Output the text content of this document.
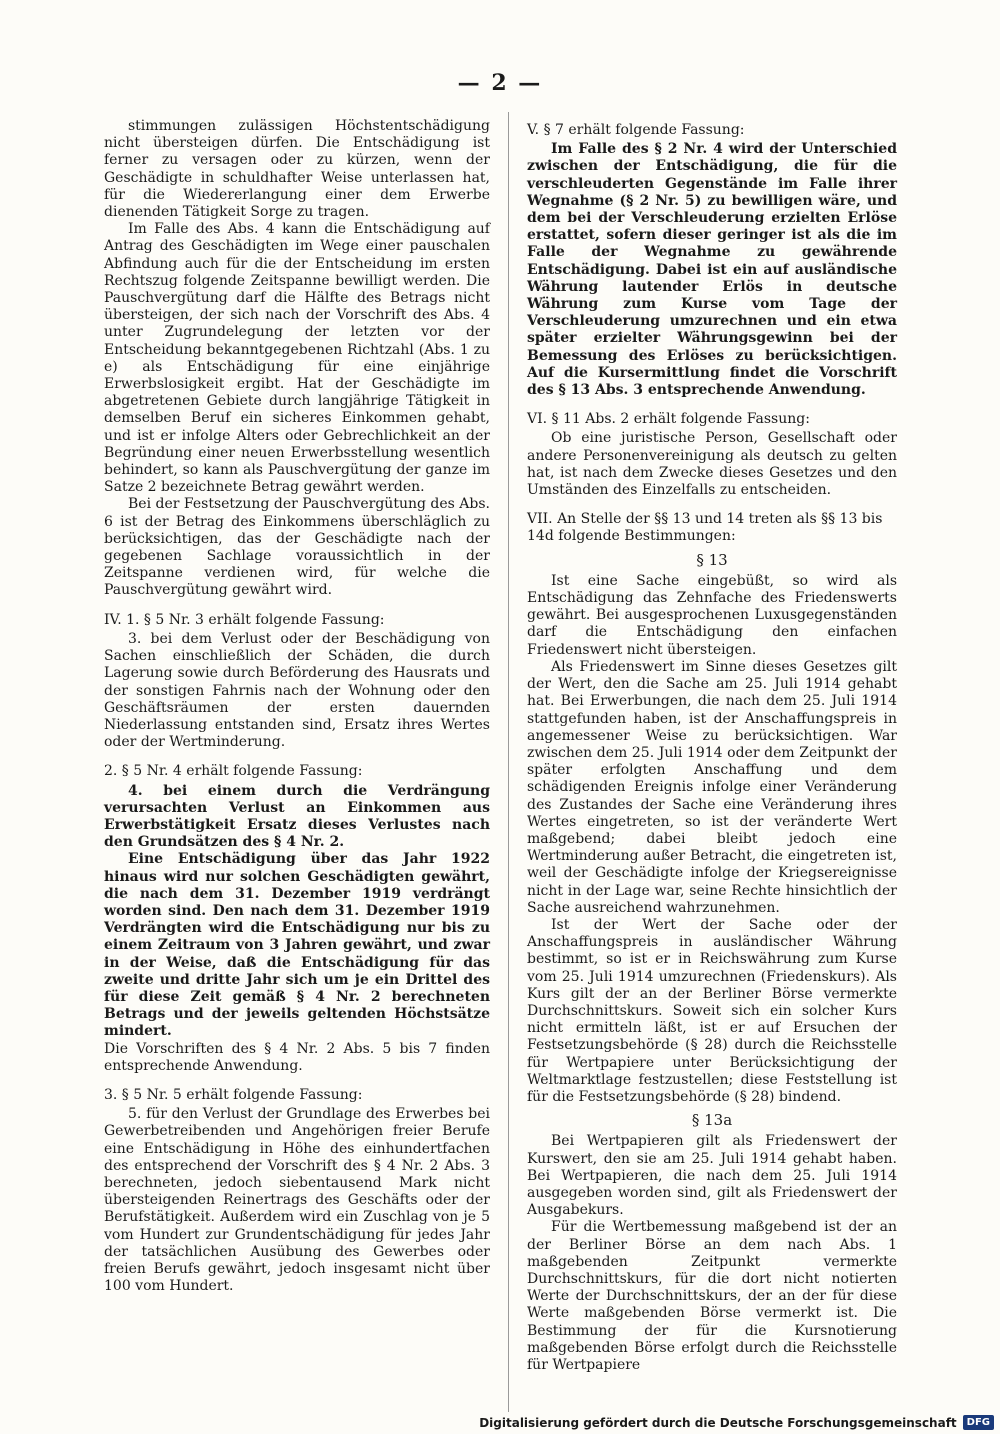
— 2 —

stimmungen zulässigen Höchstentschädigung nicht übersteigen dürfen. Die Entschädigung ist ferner zu versagen oder zu kürzen, wenn der Geschädigte in schuldhafter Weise unterlassen hat, für die Wiedererlangung einer dem Erwerbe dienenden Tätigkeit Sorge zu tragen.

Im Falle des Abs. 4 kann die Entschädigung auf Antrag des Geschädigten im Wege einer pauschalen Abfindung auch für die der Entscheidung im ersten Rechtszug folgende Zeitspanne bewilligt werden. Die Pauschvergütung darf die Hälfte des Betrags nicht übersteigen, der sich nach der Vorschrift des Abs. 4 unter Zugrundelegung der letzten vor der Entscheidung bekanntgegebenen Richtzahl (Abs. 1 zu e) als Entschädigung für eine einjährige Erwerbslosigkeit ergibt. Hat der Geschädigte im abgetretenen Gebiete durch langjährige Tätigkeit in demselben Beruf ein sicheres Einkommen gehabt, und ist er infolge Alters oder Gebrechlichkeit an der Begründung einer neuen Erwerbsstellung wesentlich behindert, so kann als Pauschvergütung der ganze im Satze 2 bezeichnete Betrag gewährt werden.

Bei der Festsetzung der Pauschvergütung des Abs. 6 ist der Betrag des Einkommens überschläglich zu berücksichtigen, das der Geschädigte nach der gegebenen Sachlage voraussichtlich in der Zeitspanne verdienen wird, für welche die Pauschvergütung gewährt wird.

IV. 1. § 5 Nr. 3 erhält folgende Fassung:

3. bei dem Verlust oder der Beschädigung von Sachen einschließlich der Schäden, die durch Lagerung sowie durch Beförderung des Hausrats und der sonstigen Fahrnis nach der Wohnung oder den Geschäftsräumen der ersten dauernden Niederlassung entstanden sind, Ersatz ihres Wertes oder der Wertminderung.

2. § 5 Nr. 4 erhält folgende Fassung:

4. bei einem durch die Verdrängung verursachten Verlust an Einkommen aus Erwerbstätigkeit Ersatz dieses Verlustes nach den Grundsätzen des § 4 Nr. 2.

Eine Entschädigung über das Jahr 1922 hinaus wird nur solchen Geschädigten gewährt, die nach dem 31. Dezember 1919 verdrängt worden sind. Den nach dem 31. Dezember 1919 Verdrängten wird die Entschädigung nur bis zu einem Zeitraum von 3 Jahren gewährt, und zwar in der Weise, daß die Entschädigung für das zweite und dritte Jahr sich um je ein Drittel des für diese Zeit gemäß § 4 Nr. 2 berechneten Betrags und der jeweils geltenden Höchstsätze mindert.

Die Vorschriften des § 4 Nr. 2 Abs. 5 bis 7 finden entsprechende Anwendung.

3. § 5 Nr. 5 erhält folgende Fassung:

5. für den Verlust der Grundlage des Erwerbes bei Gewerbetreibenden und Angehörigen freier Berufe eine Entschädigung in Höhe des einhundertfachen des entsprechend der Vorschrift des § 4 Nr. 2 Abs. 3 berechneten, jedoch siebentausend Mark nicht übersteigenden Reinertrags des Geschäfts oder der Berufstätigkeit. Außerdem wird ein Zuschlag von je 5 vom Hundert zur Grundentschädigung für jedes Jahr der tatsächlichen Ausübung des Gewerbes oder freien Berufs gewährt, jedoch insgesamt nicht über 100 vom Hundert.

V. § 7 erhält folgende Fassung:

Im Falle des § 2 Nr. 4 wird der Unterschied zwischen der Entschädigung, die für die verschleuderten Gegenstände im Falle ihrer Wegnahme (§ 2 Nr. 5) zu bewilligen wäre, und dem bei der Verschleuderung erzielten Erlöse erstattet, sofern dieser geringer ist als die im Falle der Wegnahme zu gewährende Entschädigung. Dabei ist ein auf ausländische Währung lautender Erlös in deutsche Währung zum Kurse vom Tage der Verschleuderung umzurechnen und ein etwa später erzielter Währungsgewinn bei der Bemessung des Erlöses zu berücksichtigen. Auf die Kursermittlung findet die Vorschrift des § 13 Abs. 3 entsprechende Anwendung.

VI. § 11 Abs. 2 erhält folgende Fassung:

Ob eine juristische Person, Gesellschaft oder andere Personenvereinigung als deutsch zu gelten hat, ist nach dem Zwecke dieses Gesetzes und den Umständen des Einzelfalls zu entscheiden.

VII. An Stelle der §§ 13 und 14 treten als §§ 13 bis 14d folgende Bestimmungen:

§ 13

Ist eine Sache eingebüßt, so wird als Entschädigung das Zehnfache des Friedenswerts gewährt. Bei ausgesprochenen Luxusgegenständen darf die Entschädigung den einfachen Friedenswert nicht übersteigen.

Als Friedenswert im Sinne dieses Gesetzes gilt der Wert, den die Sache am 25. Juli 1914 gehabt hat. Bei Erwerbungen, die nach dem 25. Juli 1914 stattgefunden haben, ist der Anschaffungspreis in angemessener Weise zu berücksichtigen. War zwischen dem 25. Juli 1914 oder dem Zeitpunkt der später erfolgten Anschaffung und dem schädigenden Ereignis infolge einer Veränderung des Zustandes der Sache eine Veränderung ihres Wertes eingetreten, so ist der veränderte Wert maßgebend; dabei bleibt jedoch eine Wertminderung außer Betracht, die eingetreten ist, weil der Geschädigte infolge der Kriegsereignisse nicht in der Lage war, seine Rechte hinsichtlich der Sache ausreichend wahrzunehmen.

Ist der Wert der Sache oder der Anschaffungspreis in ausländischer Währung bestimmt, so ist er in Reichswährung zum Kurse vom 25. Juli 1914 umzurechnen (Friedenskurs). Als Kurs gilt der an der Berliner Börse vermerkte Durchschnittskurs. Soweit sich ein solcher Kurs nicht ermitteln läßt, ist er auf Ersuchen der Festsetzungsbehörde (§ 28) durch die Reichsstelle für Wertpapiere unter Berücksichtigung der Weltmarktlage festzustellen; diese Feststellung ist für die Festsetzungsbehörde (§ 28) bindend.

§ 13a

Bei Wertpapieren gilt als Friedenswert der Kurswert, den sie am 25. Juli 1914 gehabt haben. Bei Wertpapieren, die nach dem 25. Juli 1914 ausgegeben worden sind, gilt als Friedenswert der Ausgabekurs.

Für die Wertbemessung maßgebend ist der an der Berliner Börse an dem nach Abs. 1 maßgebenden Zeitpunkt vermerkte Durchschnittskurs, für die dort nicht notierten Werte der Durchschnittskurs, der an der für diese Werte maßgebenden Börse vermerkt ist. Die Bestimmung der für die Kursnotierung maßgebenden Börse erfolgt durch die Reichsstelle für Wertpapiere

Digitalisierung gefördert durch die Deutsche Forschungsgemeinschaft	DFG
